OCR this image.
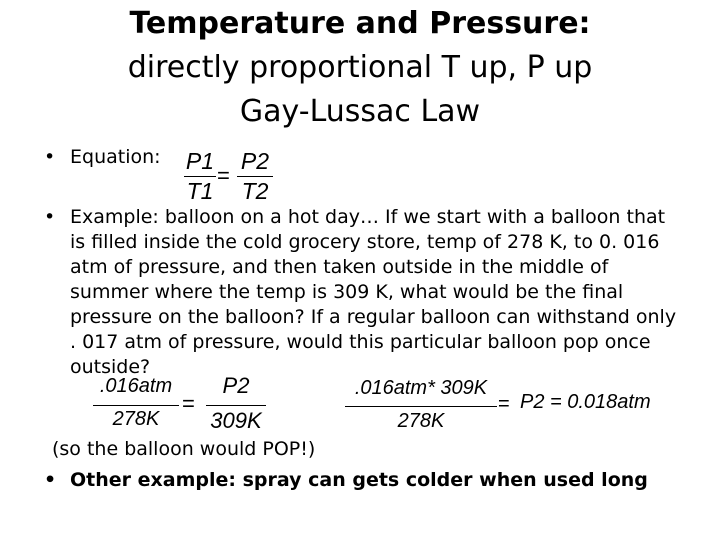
Temperature and Pressure:
directly proportional T up, P up
Gay-Lussac Law
• Equation: P1
T1
=
P2
T2
• Example: balloon on a hot day… If we start with a balloon that is filled inside the cold grocery store, temp of 278 K, to 0. 016 atm of pressure, and then taken outside in the middle of summer where the temp is 309 K, what would be the final pressure on the balloon? If a regular balloon can withstand only . 017 atm of pressure, would this particular balloon pop once outside?
.016atm
278K
=
P2
309K
.016atm* 309K
278K
= P2 = 0.018atm
(so the balloon would POP!)
• Other example: spray can gets colder when used long
